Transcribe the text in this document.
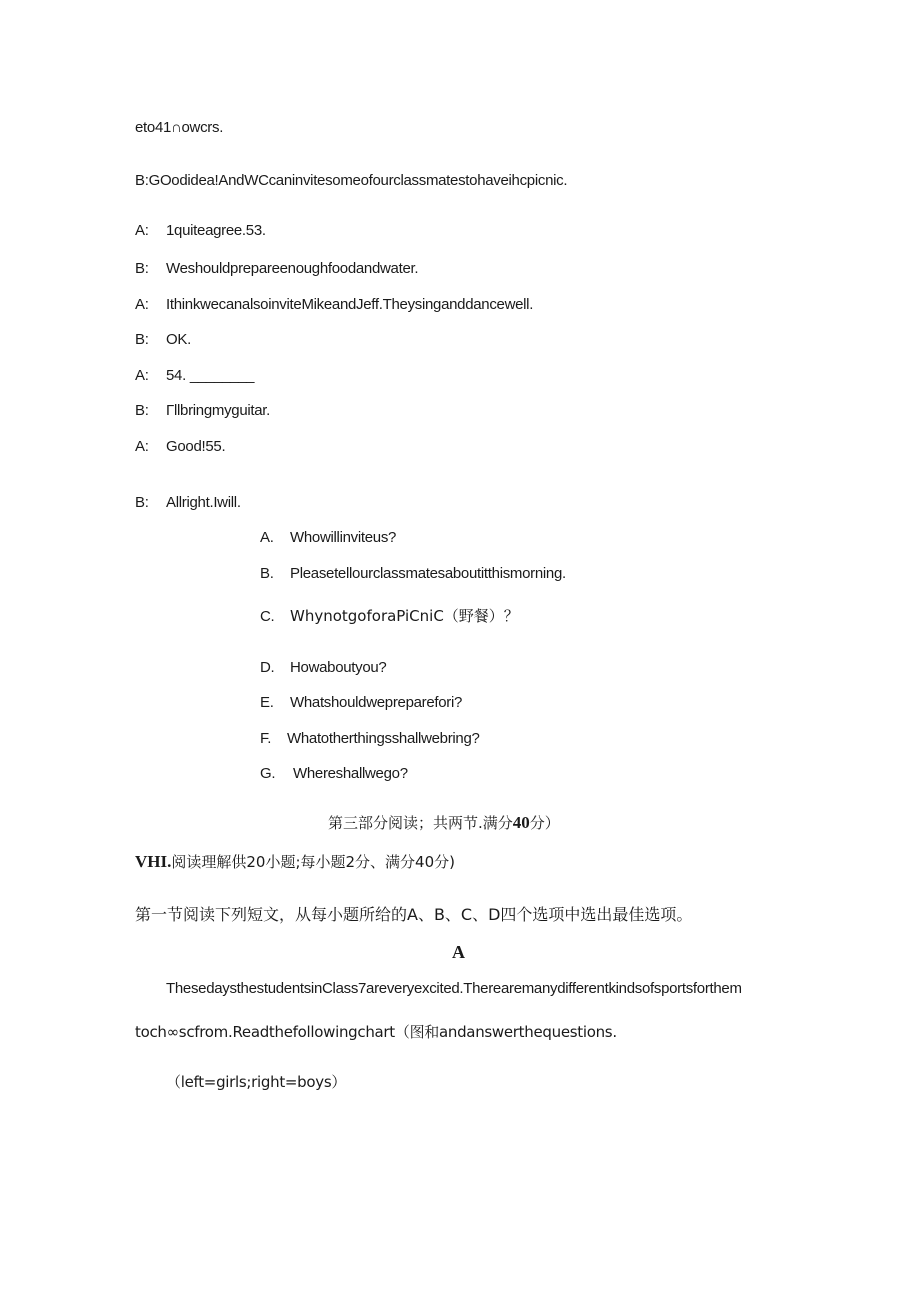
eto41∩owcrs.
B:GOodidea!AndWCcaninvitesomeofourclassmatestohaveihcpicnic.
A: 1quiteagree.53.
B: Weshouldprepareenoughfoodandwater.
A: IthinkwecanalsoinviteMikeandJeff.Theysinganddancewell.
B: OK.
A: 54. ________
B: Γllbringmyguitar.
A: Good!55.
B: Allright.Iwill.
A. Whowillinviteus?
B. Pleasetellourclassmatesaboutitthismorning.
C. WhynotgoforaPiCniC（野餐）？
D. Howaboutyou?
E. Whatshouldwepreparefori?
F. Whatotherthingsshallwebring?
G. Whereshallwego?
第三部分阅读；共两节.满分40分）
VHI.阅读理解供20小题;每小题2分、满分40分)
第一节阅读下列短文，从每小题所给的A、B、C、D四个选项中选出最佳选项。
A
ThesedaysthestudentsinClass7areveryexcited.Therearemanydifferentkindsofsportsforthem
toch∞scfrom.Readthefollowingchart（图和andanswerthequestions.
（left=girls;right=boys）
